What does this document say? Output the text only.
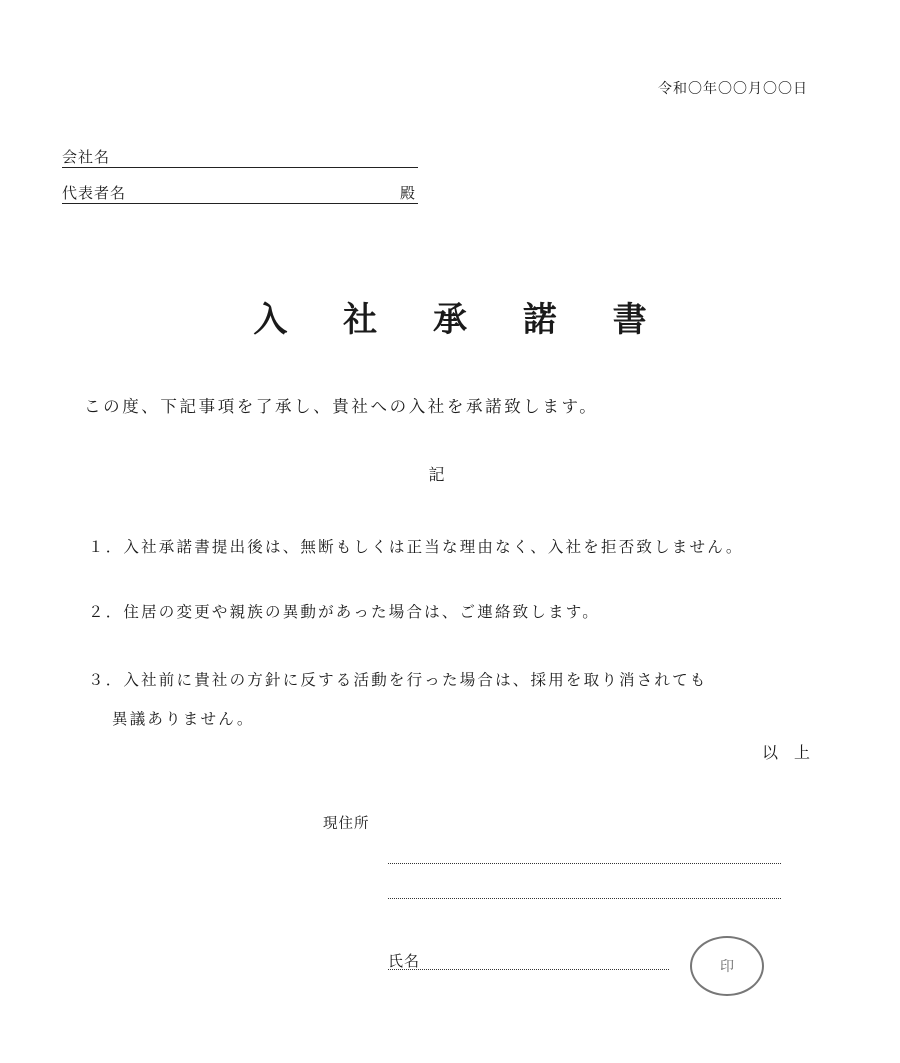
令和〇年〇〇月〇〇日
会社名
代表者名	殿
入 社 承 諾 書
この度、下記事項を了承し、貴社への入社を承諾致します。
記
１．入社承諾書提出後は、無断もしくは正当な理由なく、入社を拒否致しません。
２．住居の変更や親族の異動があった場合は、ご連絡致します。
３．入社前に貴社の方針に反する活動を行った場合は、採用を取り消されても
異議ありません。
以上
現住所
氏名	印
